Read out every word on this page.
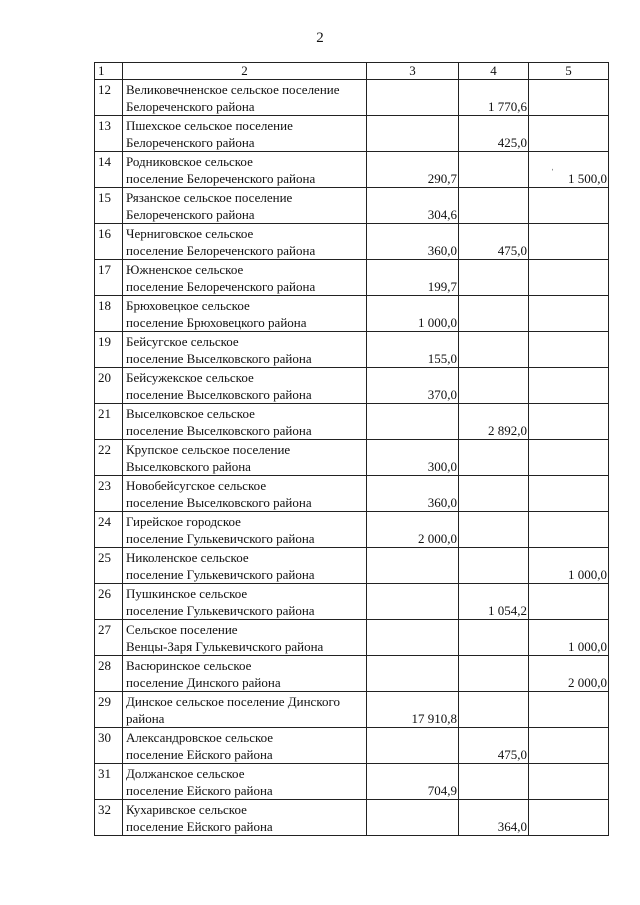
2
1	2	3	4	5
12	Великовечненское сельское поселение
Белореченского района		1 770,6	
13	Пшехское сельское поселение
Белореченского района		425,0	
14	Родниковское сельское
поселение Белореченского района	290,7		1 500,0
15	Рязанское сельское поселение
Белореченского района	304,6		
16	Черниговское сельское
поселение Белореченского района	360,0	475,0	
17	Южненское сельское
поселение Белореченского района	199,7		
18	Брюховецкое сельское
поселение Брюховецкого района	1 000,0		
19	Бейсугское сельское
поселение Выселковского района	155,0		
20	Бейсужекское сельское
поселение Выселковского района	370,0		
21	Выселковское сельское
поселение Выселковского района		2 892,0	
22	Крупское сельское поселение
Выселковского района	300,0		
23	Новобейсугское сельское
поселение Выселковского района	360,0		
24	Гирейское городское
поселение Гулькевичского района	2 000,0		
25	Николенское сельское
поселение Гулькевичского района			1 000,0
26	Пушкинское сельское
поселение Гулькевичского района		1 054,2	
27	Сельское поселение
Венцы-Заря Гулькевичского района			1 000,0
28	Васюринское сельское
поселение Динского района			2 000,0
29	Динское сельское поселение Динского
района	17 910,8		
30	Александровское сельское
поселение Ейского района		475,0	
31	Должанское сельское
поселение Ейского района	704,9		
32	Кухаривское сельское
поселение Ейского района		364,0	
ˈ
